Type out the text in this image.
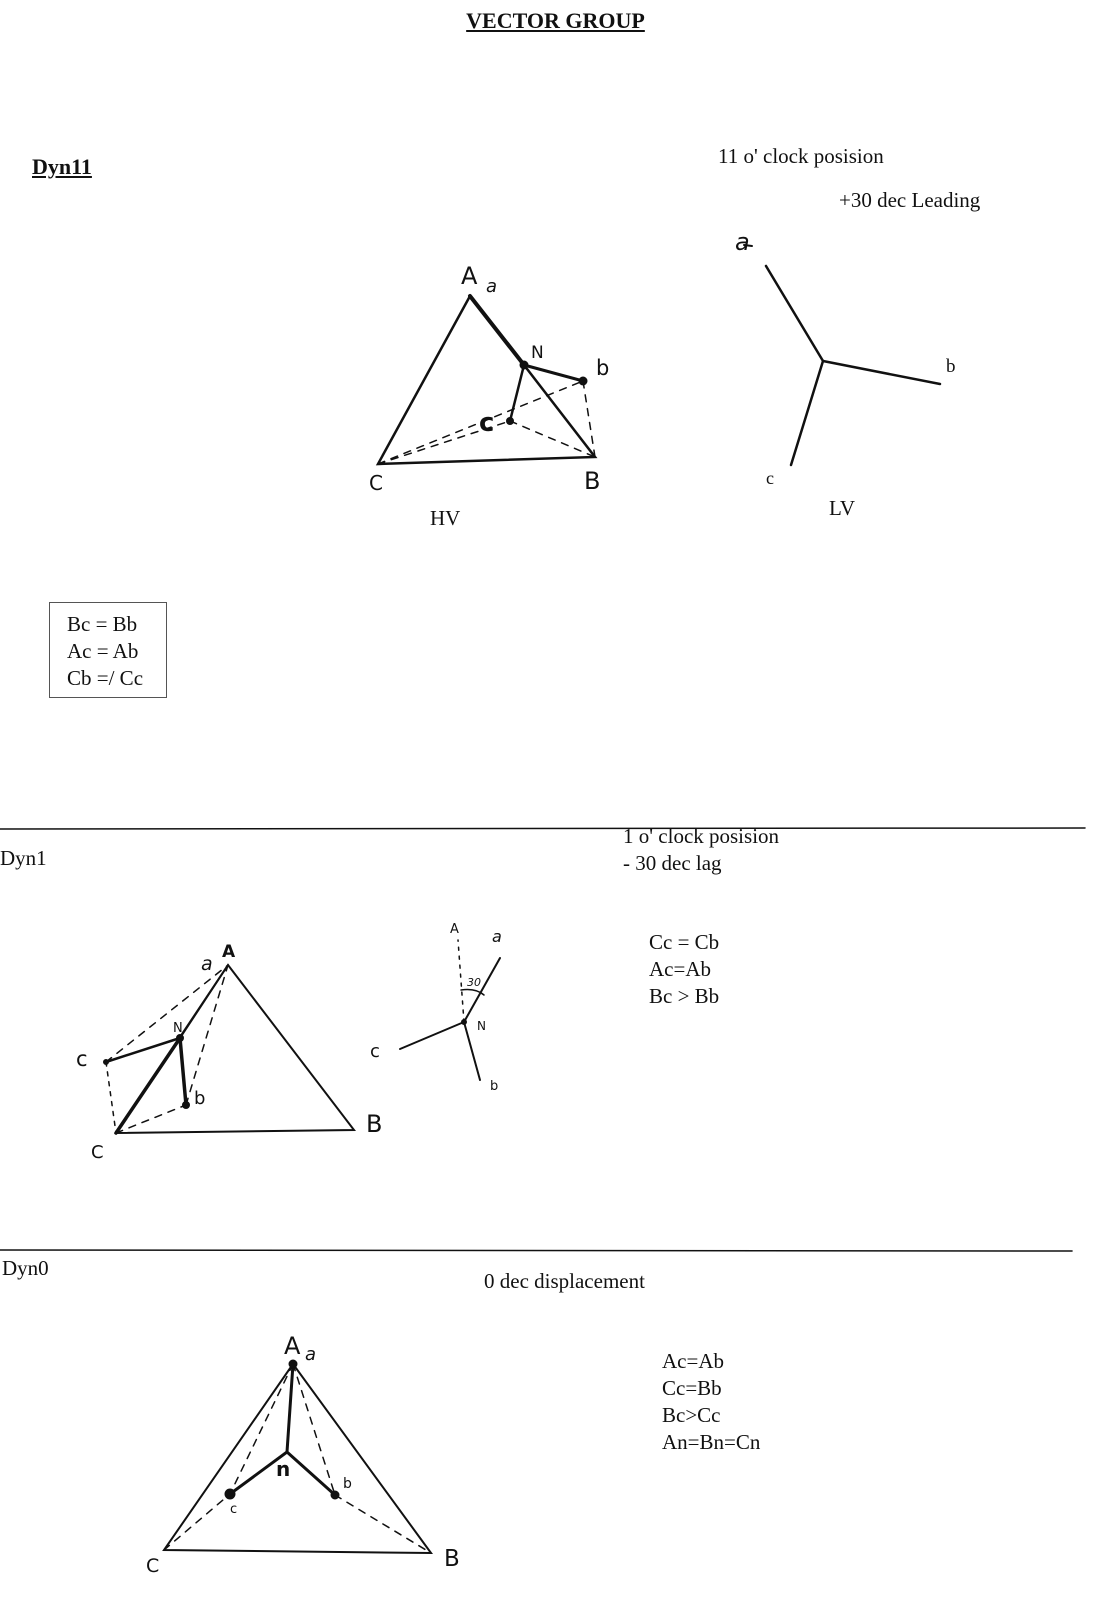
VECTOR GROUP
Dyn11	11 o' clock posision
+30 dec Leading
HV	LV
Bc = Bb
Ac = Ab
Cb =/ Cc
Dyn1
1 o' clock posision
- 30 dec lag
Cc = Cb
Ac=Ab
Bc > Bb
Dyn0
0 dec displacement
Ac=Ab
Cc=Bb
Bc>Cc
An=Bn=Cn
A a
N
b
c
C	B
a
b
c
A
a
N
c
b
C
B
A a
30
N
c
b
A a
n
c
b
C	B
